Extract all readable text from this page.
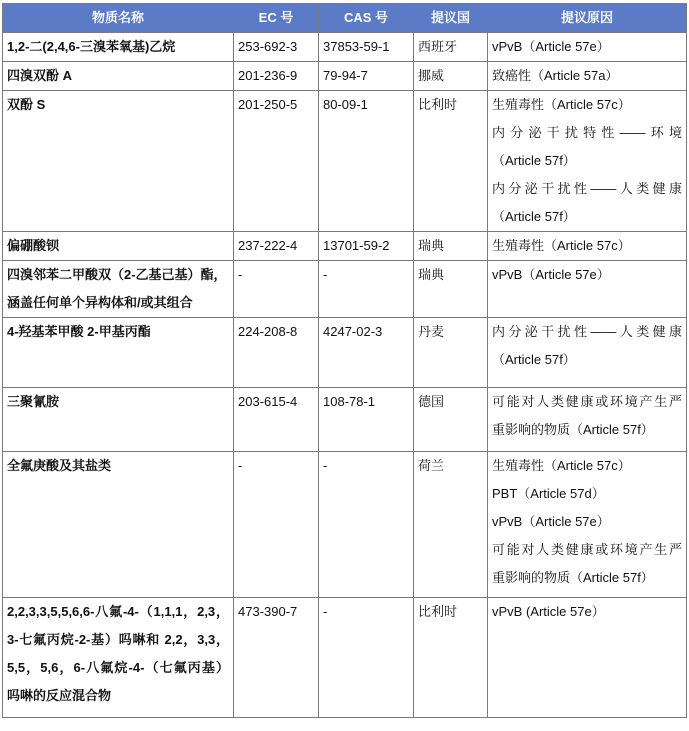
物质名称	EC 号	CAS 号	提议国	提议原因

1,2-二(2,4,6-三溴苯氧基)乙烷	253-692-3	37853-59-1	西班牙	vPvB（Article 57e）

四溴双酚 A	201-236-9	79-94-7	挪威	致癌性（Article 57a）

双酚 S	201-250-5	80-09-1	比利时	生殖毒性（Article 57c）
内分泌干扰特性——环境
（Article 57f）
内分泌干扰性——人类健康
（Article 57f）

偏硼酸钡	237-222-4	13701-59-2	瑞典	生殖毒性（Article 57c）

四溴邻苯二甲酸双（2-乙基己基）酯，
涵盖任何单个异构体和/或其组合	-	-	瑞典	vPvB（Article 57e）

4-羟基苯甲酸 2-甲基丙酯	224-208-8	4247-02-3	丹麦	内分泌干扰性——人类健康
（Article 57f）

三聚氰胺	203-615-4	108-78-1	德国	可能对人类健康或环境产生严
重影响的物质（Article 57f）

全氟庚酸及其盐类	-	-	荷兰	生殖毒性（Article 57c）
PBT（Article 57d）
vPvB（Article 57e）
可能对人类健康或环境产生严
重影响的物质（Article 57f）

2,2,3,3,5,5,6,6-八氟-4-（1,1,1，2,3，
3-七氟丙烷-2-基）吗啉和 2,2，3,3，
5,5，5,6，6-八氟烷-4-（七氟丙基）
吗啉的反应混合物	473-390-7	-	比利时	vPvB (Article 57e）
